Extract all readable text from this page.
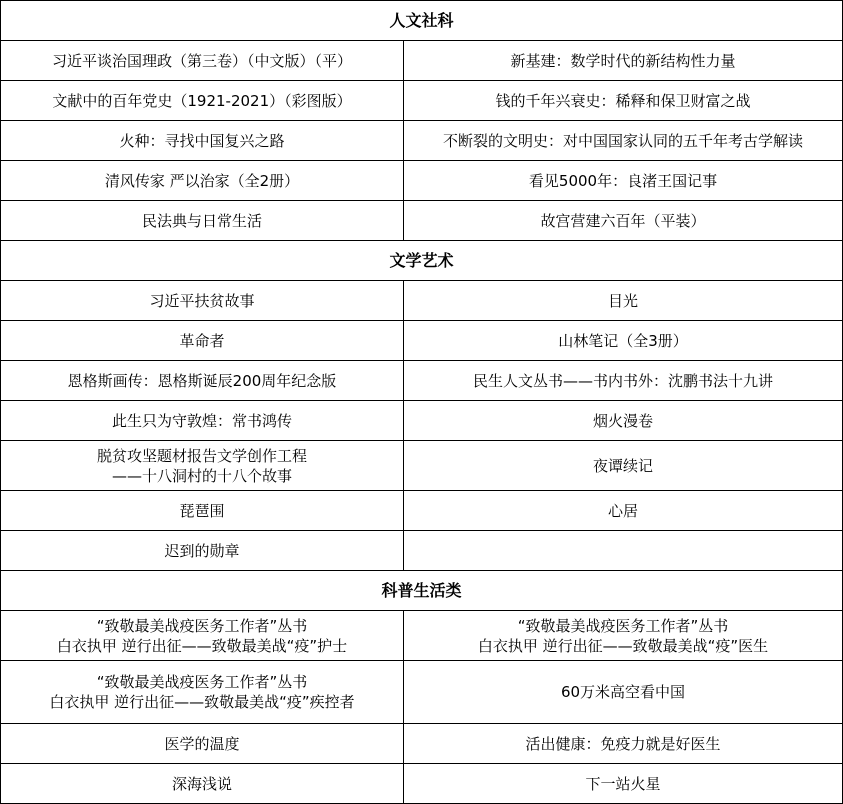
人文社科	

习近平谈治国理政（第三卷）（中文版）（平）	新基建：数学时代的新结构性力量

文献中的百年党史（1921-2021）（彩图版）	钱的千年兴衰史：稀释和保卫财富之战

火种：寻找中国复兴之路	不断裂的文明史：对中国国家认同的五千年考古学解读

清风传家 严以治家（全2册）	看见5000年：良渚王国记事

民法典与日常生活	故宫营建六百年（平装）

文学艺术	

习近平扶贫故事	目光

革命者	山林笔记（全3册）

恩格斯画传：恩格斯诞辰200周年纪念版	民生人文丛书——书内书外：沈鹏书法十九讲

此生只为守敦煌：常书鸿传	烟火漫卷

脱贫攻坚题材报告文学创作工程
——十八洞村的十八个故事	夜谭续记

琵琶围	心居

迟到的勋章	

科普生活类	

“致敬最美战疫医务工作者”丛书
白衣执甲 逆行出征——致敬最美战“疫”护士	“致敬最美战疫医务工作者”丛书
白衣执甲 逆行出征——致敬最美战“疫”医生

“致敬最美战疫医务工作者”丛书
白衣执甲 逆行出征——致敬最美战“疫”疾控者	60万米高空看中国

医学的温度	活出健康：免疫力就是好医生

深海浅说	下一站火星
